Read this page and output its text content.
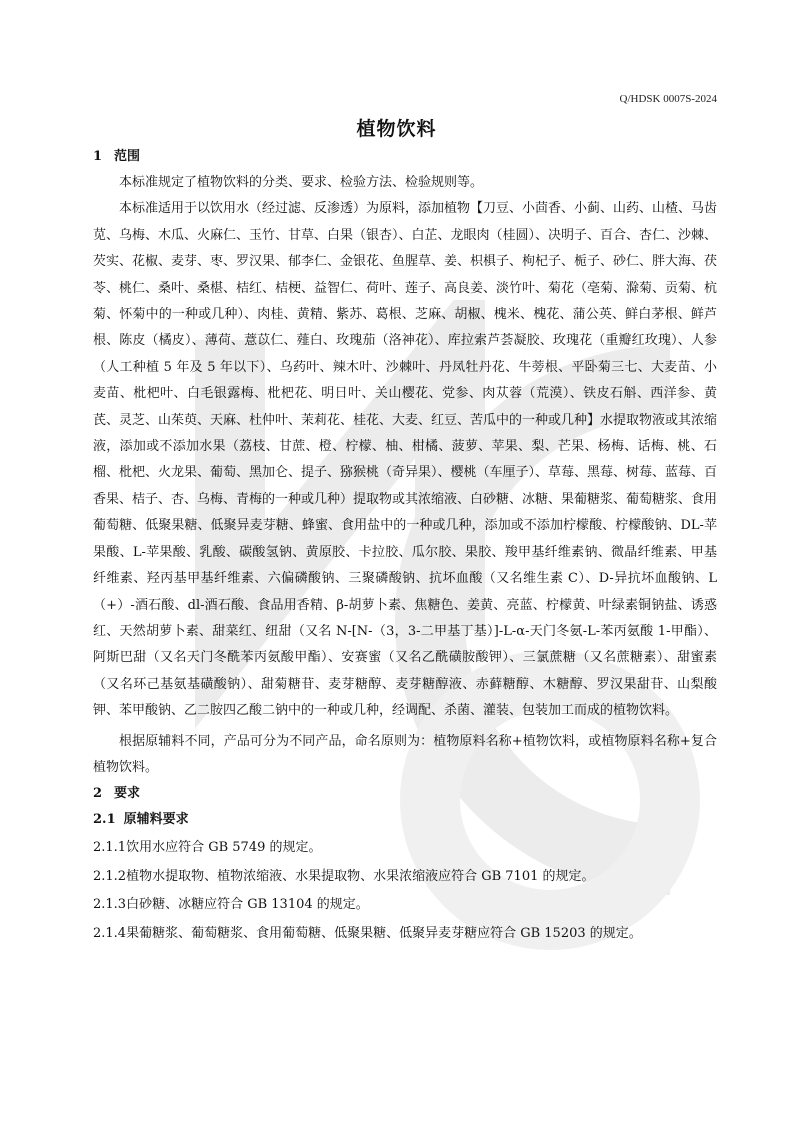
Q/HDSK 0007S-2024
植物饮料
1 范围

本标准规定了植物饮料的分类、要求、检验方法、检验规则等。

本标准适用于以饮用水（经过滤、反渗透）为原料，添加植物【刀豆、小茴香、小蓟、山药、山楂、马齿苋、乌梅、木瓜、火麻仁、玉竹、甘草、白果（银杏）、白芷、龙眼肉（桂圆）、决明子、百合、杏仁、沙棘、芡实、花椒、麦芽、枣、罗汉果、郁李仁、金银花、鱼腥草、姜、枳椇子、枸杞子、栀子、砂仁、胖大海、茯苓、桃仁、桑叶、桑椹、桔红、桔梗、益智仁、荷叶、莲子、高良姜、淡竹叶、菊花（亳菊、滁菊、贡菊、杭菊、怀菊中的一种或几种）、肉桂、黄精、紫苏、葛根、芝麻、胡椒、槐米、槐花、蒲公英、鲜白茅根、鲜芦根、陈皮（橘皮）、薄荷、薏苡仁、薤白、玫瑰茄（洛神花）、库拉索芦荟凝胶、玫瑰花（重瓣红玫瑰）、人参（人工种植 5 年及 5 年以下）、乌药叶、辣木叶、沙棘叶、丹凤牡丹花、牛蒡根、平卧菊三七、大麦苗、小麦苗、枇杷叶、白毛银露梅、枇杷花、明日叶、关山樱花、党参、肉苁蓉（荒漠）、铁皮石斛、西洋参、黄芪、灵芝、山茱萸、天麻、杜仲叶、茉莉花、桂花、大麦、红豆、苦瓜中的一种或几种】水提取物液或其浓缩液，添加或不添加水果（荔枝、甘蔗、橙、柠檬、柚、柑橘、菠萝、苹果、梨、芒果、杨梅、话梅、桃、石榴、枇杷、火龙果、葡萄、黑加仑、提子、猕猴桃（奇异果）、樱桃（车厘子）、草莓、黑莓、树莓、蓝莓、百香果、桔子、杏、乌梅、青梅的一种或几种）提取物或其浓缩液、白砂糖、冰糖、果葡糖浆、葡萄糖浆、食用葡萄糖、低聚果糖、低聚异麦芽糖、蜂蜜、食用盐中的一种或几种，添加或不添加柠檬酸、柠檬酸钠、DL-苹果酸、L-苹果酸、乳酸、碳酸氢钠、黄原胶、卡拉胶、瓜尔胶、果胶、羧甲基纤维素钠、微晶纤维素、甲基纤维素、羟丙基甲基纤维素、六偏磷酸钠、三聚磷酸钠、抗坏血酸（又名维生素 C）、D-异抗坏血酸钠、L（+）-酒石酸、dl-酒石酸、食品用香精、β-胡萝卜素、焦糖色、姜黄、亮蓝、柠檬黄、叶绿素铜钠盐、诱惑红、天然胡萝卜素、甜菜红、纽甜（又名 N-[N-（3，3-二甲基丁基）]-L-α-天门冬氨-L-苯丙氨酸 1-甲酯）、阿斯巴甜（又名天门冬酰苯丙氨酸甲酯）、安赛蜜（又名乙酰磺胺酸钾）、三氯蔗糖（又名蔗糖素）、甜蜜素（又名环己基氨基磺酸钠）、甜菊糖苷、麦芽糖醇、麦芽糖醇液、赤藓糖醇、木糖醇、罗汉果甜苷、山梨酸钾、苯甲酸钠、乙二胺四乙酸二钠中的一种或几种，经调配、杀菌、灌装、包装加工而成的植物饮料。

根据原辅料不同，产品可分为不同产品，命名原则为：植物原料名称+植物饮料，或植物原料名称+复合植物饮料。

2 要求
2.1 原辅料要求

2.1.1饮用水应符合 GB 5749 的规定。

2.1.2植物水提取物、植物浓缩液、水果提取物、水果浓缩液应符合 GB 7101 的规定。

2.1.3白砂糖、冰糖应符合 GB 13104 的规定。

2.1.4果葡糖浆、葡萄糖浆、食用葡萄糖、低聚果糖、低聚异麦芽糖应符合 GB 15203 的规定。
